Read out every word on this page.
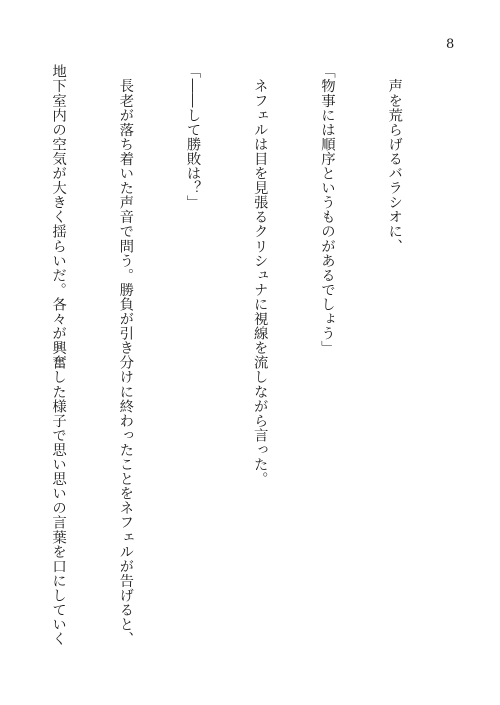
8

　声を荒らげるバラシオに、

「物事には順序というものがあるでしょう」

　ネフェルは目を見張るクリシュナに視線を流しながら言った。

「――して勝敗は？」

　長老が落ち着いた声音で問う。勝負が引き分けに終わったことをネフェルが告げると、

地下室内の空気が大きく揺らいだ。各々が興奮した様子で思い思いの言葉を口にしていく
